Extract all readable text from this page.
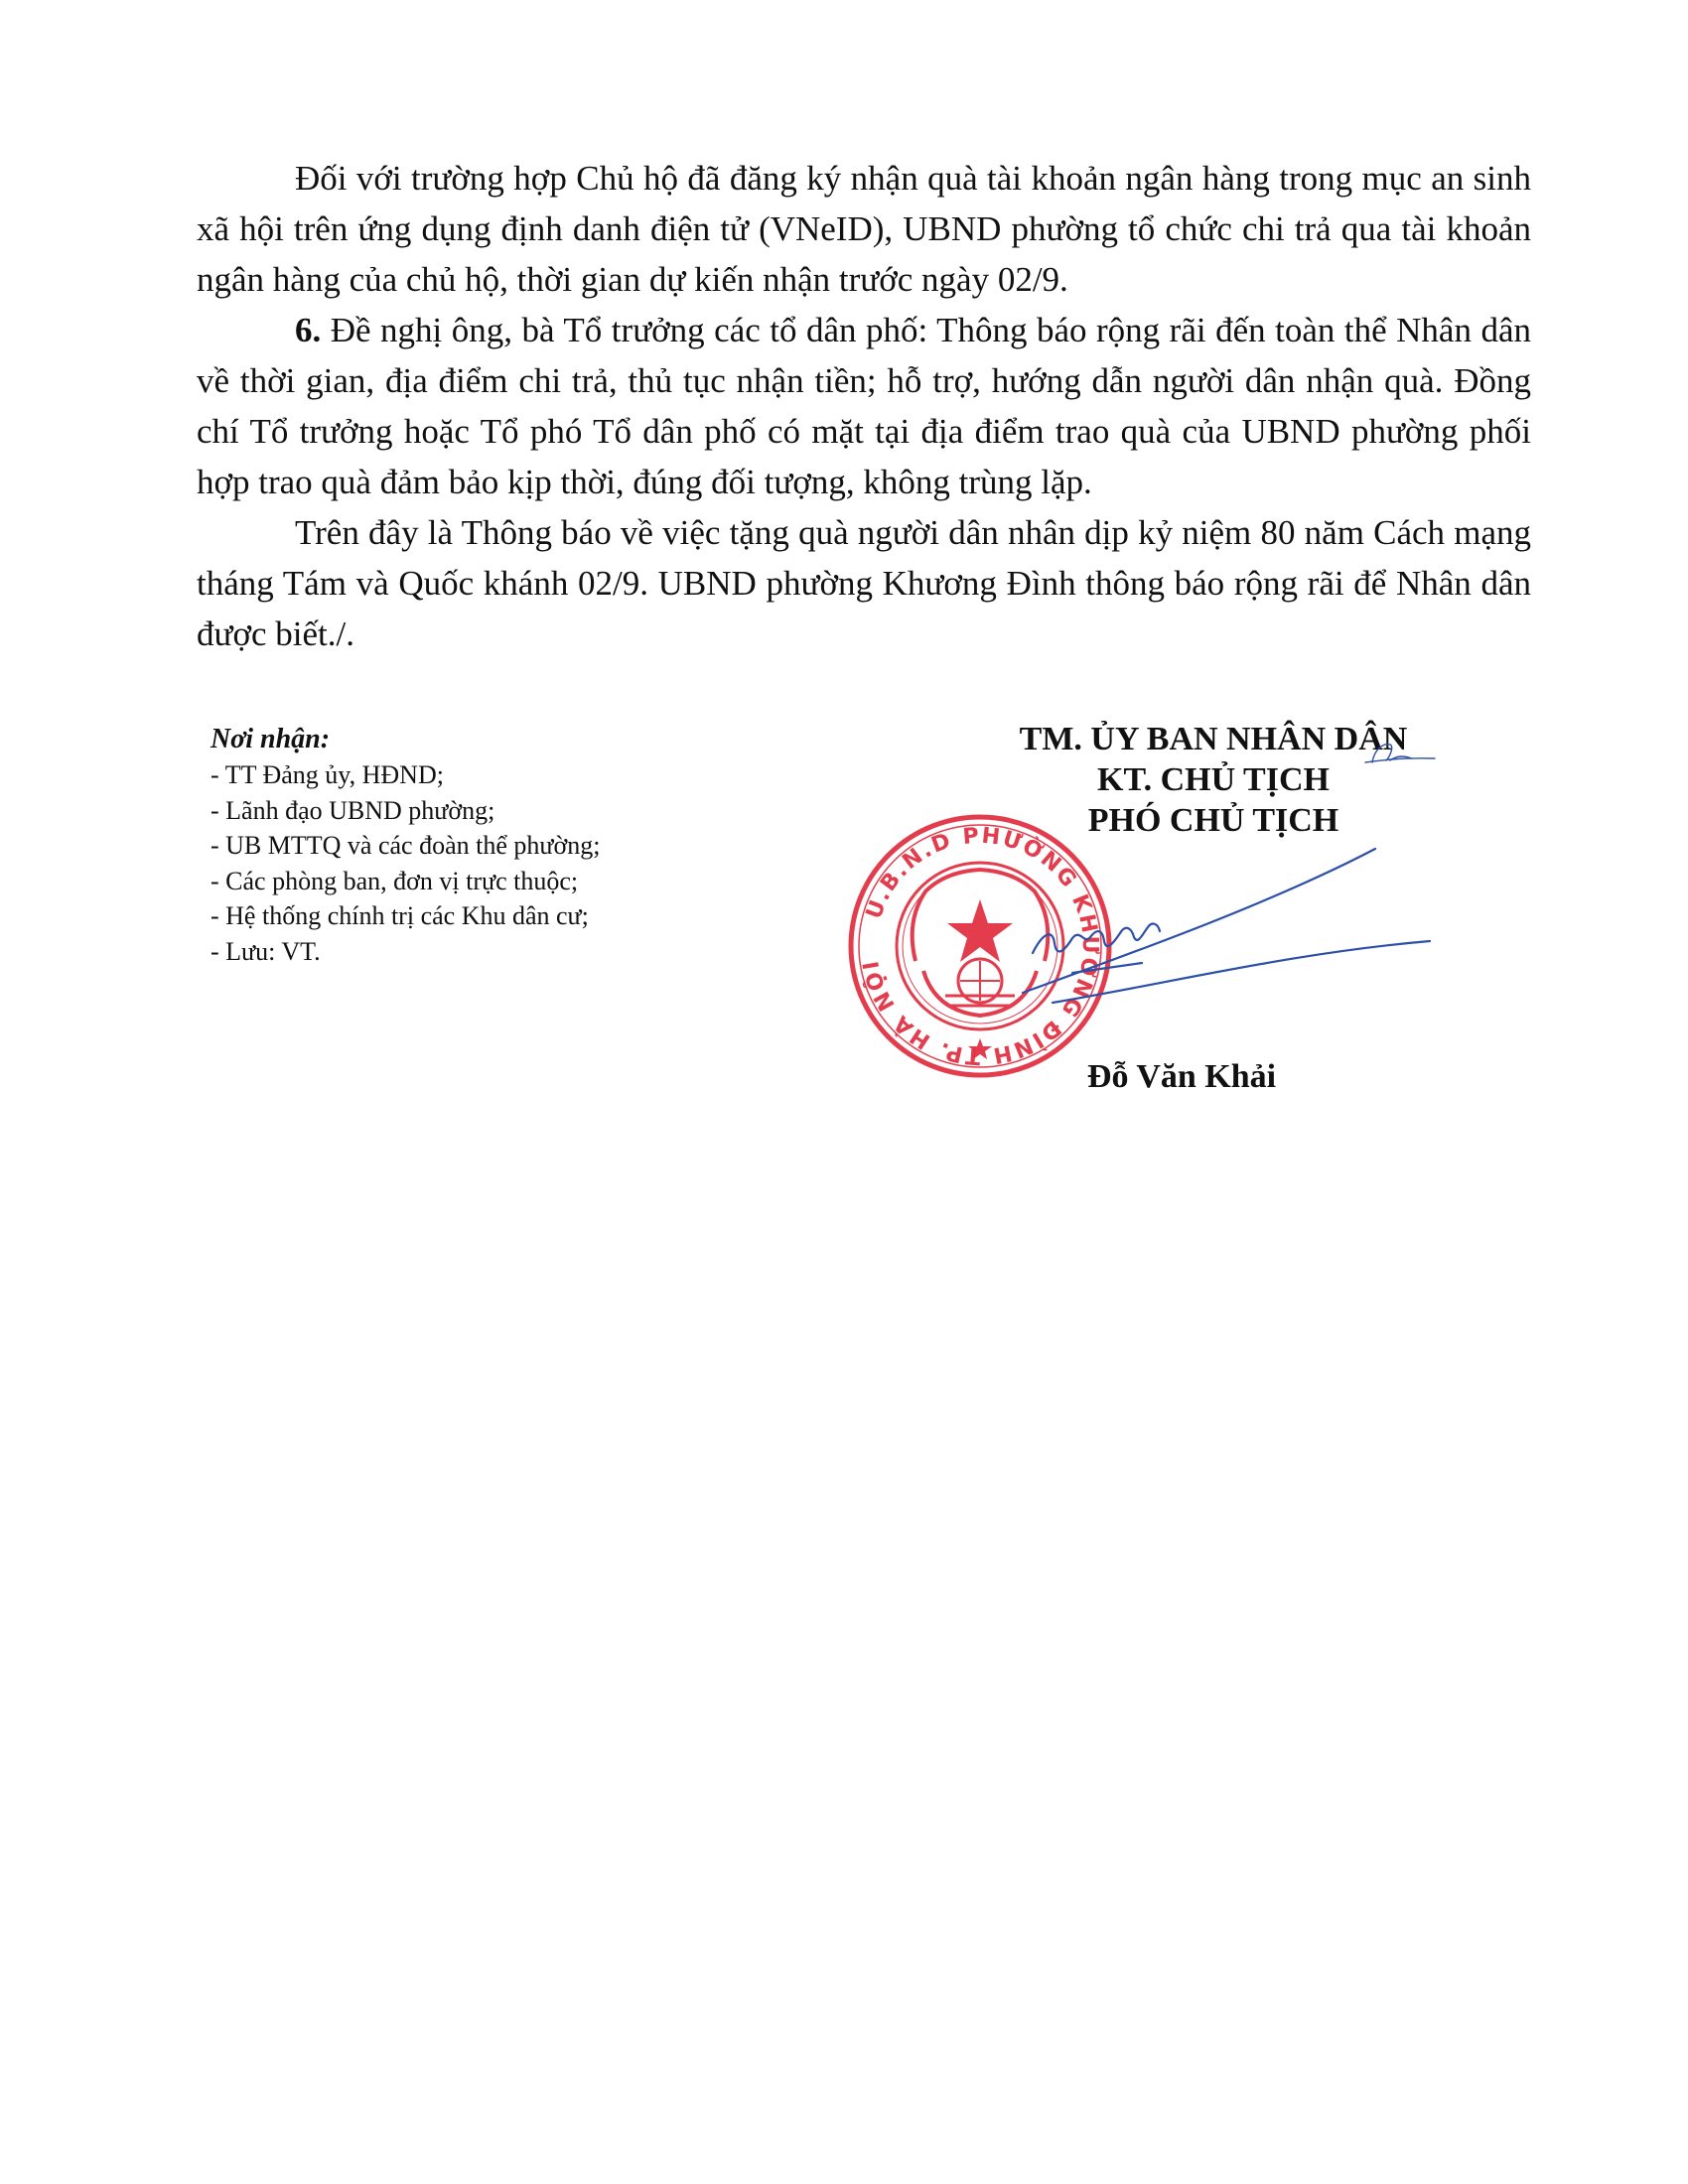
Đối với trường hợp Chủ hộ đã đăng ký nhận quà tài khoản ngân hàng trong mục an sinh xã hội trên ứng dụng định danh điện tử (VNeID), UBND phường tổ chức chi trả qua tài khoản ngân hàng của chủ hộ, thời gian dự kiến nhận trước ngày 02/9.

6. Đề nghị ông, bà Tổ trưởng các tổ dân phố: Thông báo rộng rãi đến toàn thể Nhân dân về thời gian, địa điểm chi trả, thủ tục nhận tiền; hỗ trợ, hướng dẫn người dân nhận quà. Đồng chí Tổ trưởng hoặc Tổ phó Tổ dân phố có mặt tại địa điểm trao quà của UBND phường phối hợp trao quà đảm bảo kịp thời, đúng đối tượng, không trùng lặp.

Trên đây là Thông báo về việc tặng quà người dân nhân dịp kỷ niệm 80 năm Cách mạng tháng Tám và Quốc khánh 02/9. UBND phường Khương Đình thông báo rộng rãi để Nhân dân được biết./.

Nơi nhận:
- TT Đảng ủy, HĐND;
- Lãnh đạo UBND phường;
- UB MTTQ và các đoàn thể phường;
- Các phòng ban, đơn vị trực thuộc;
- Hệ thống chính trị các Khu dân cư;
- Lưu: VT.
TM. ỦY BAN NHÂN DÂN
KT. CHỦ TỊCH
PHÓ CHỦ TỊCH
U.B.N.D PHƯỜNG KHƯƠNG ĐÌNH TP. HÀ NỘI
Đỗ Văn Khải
